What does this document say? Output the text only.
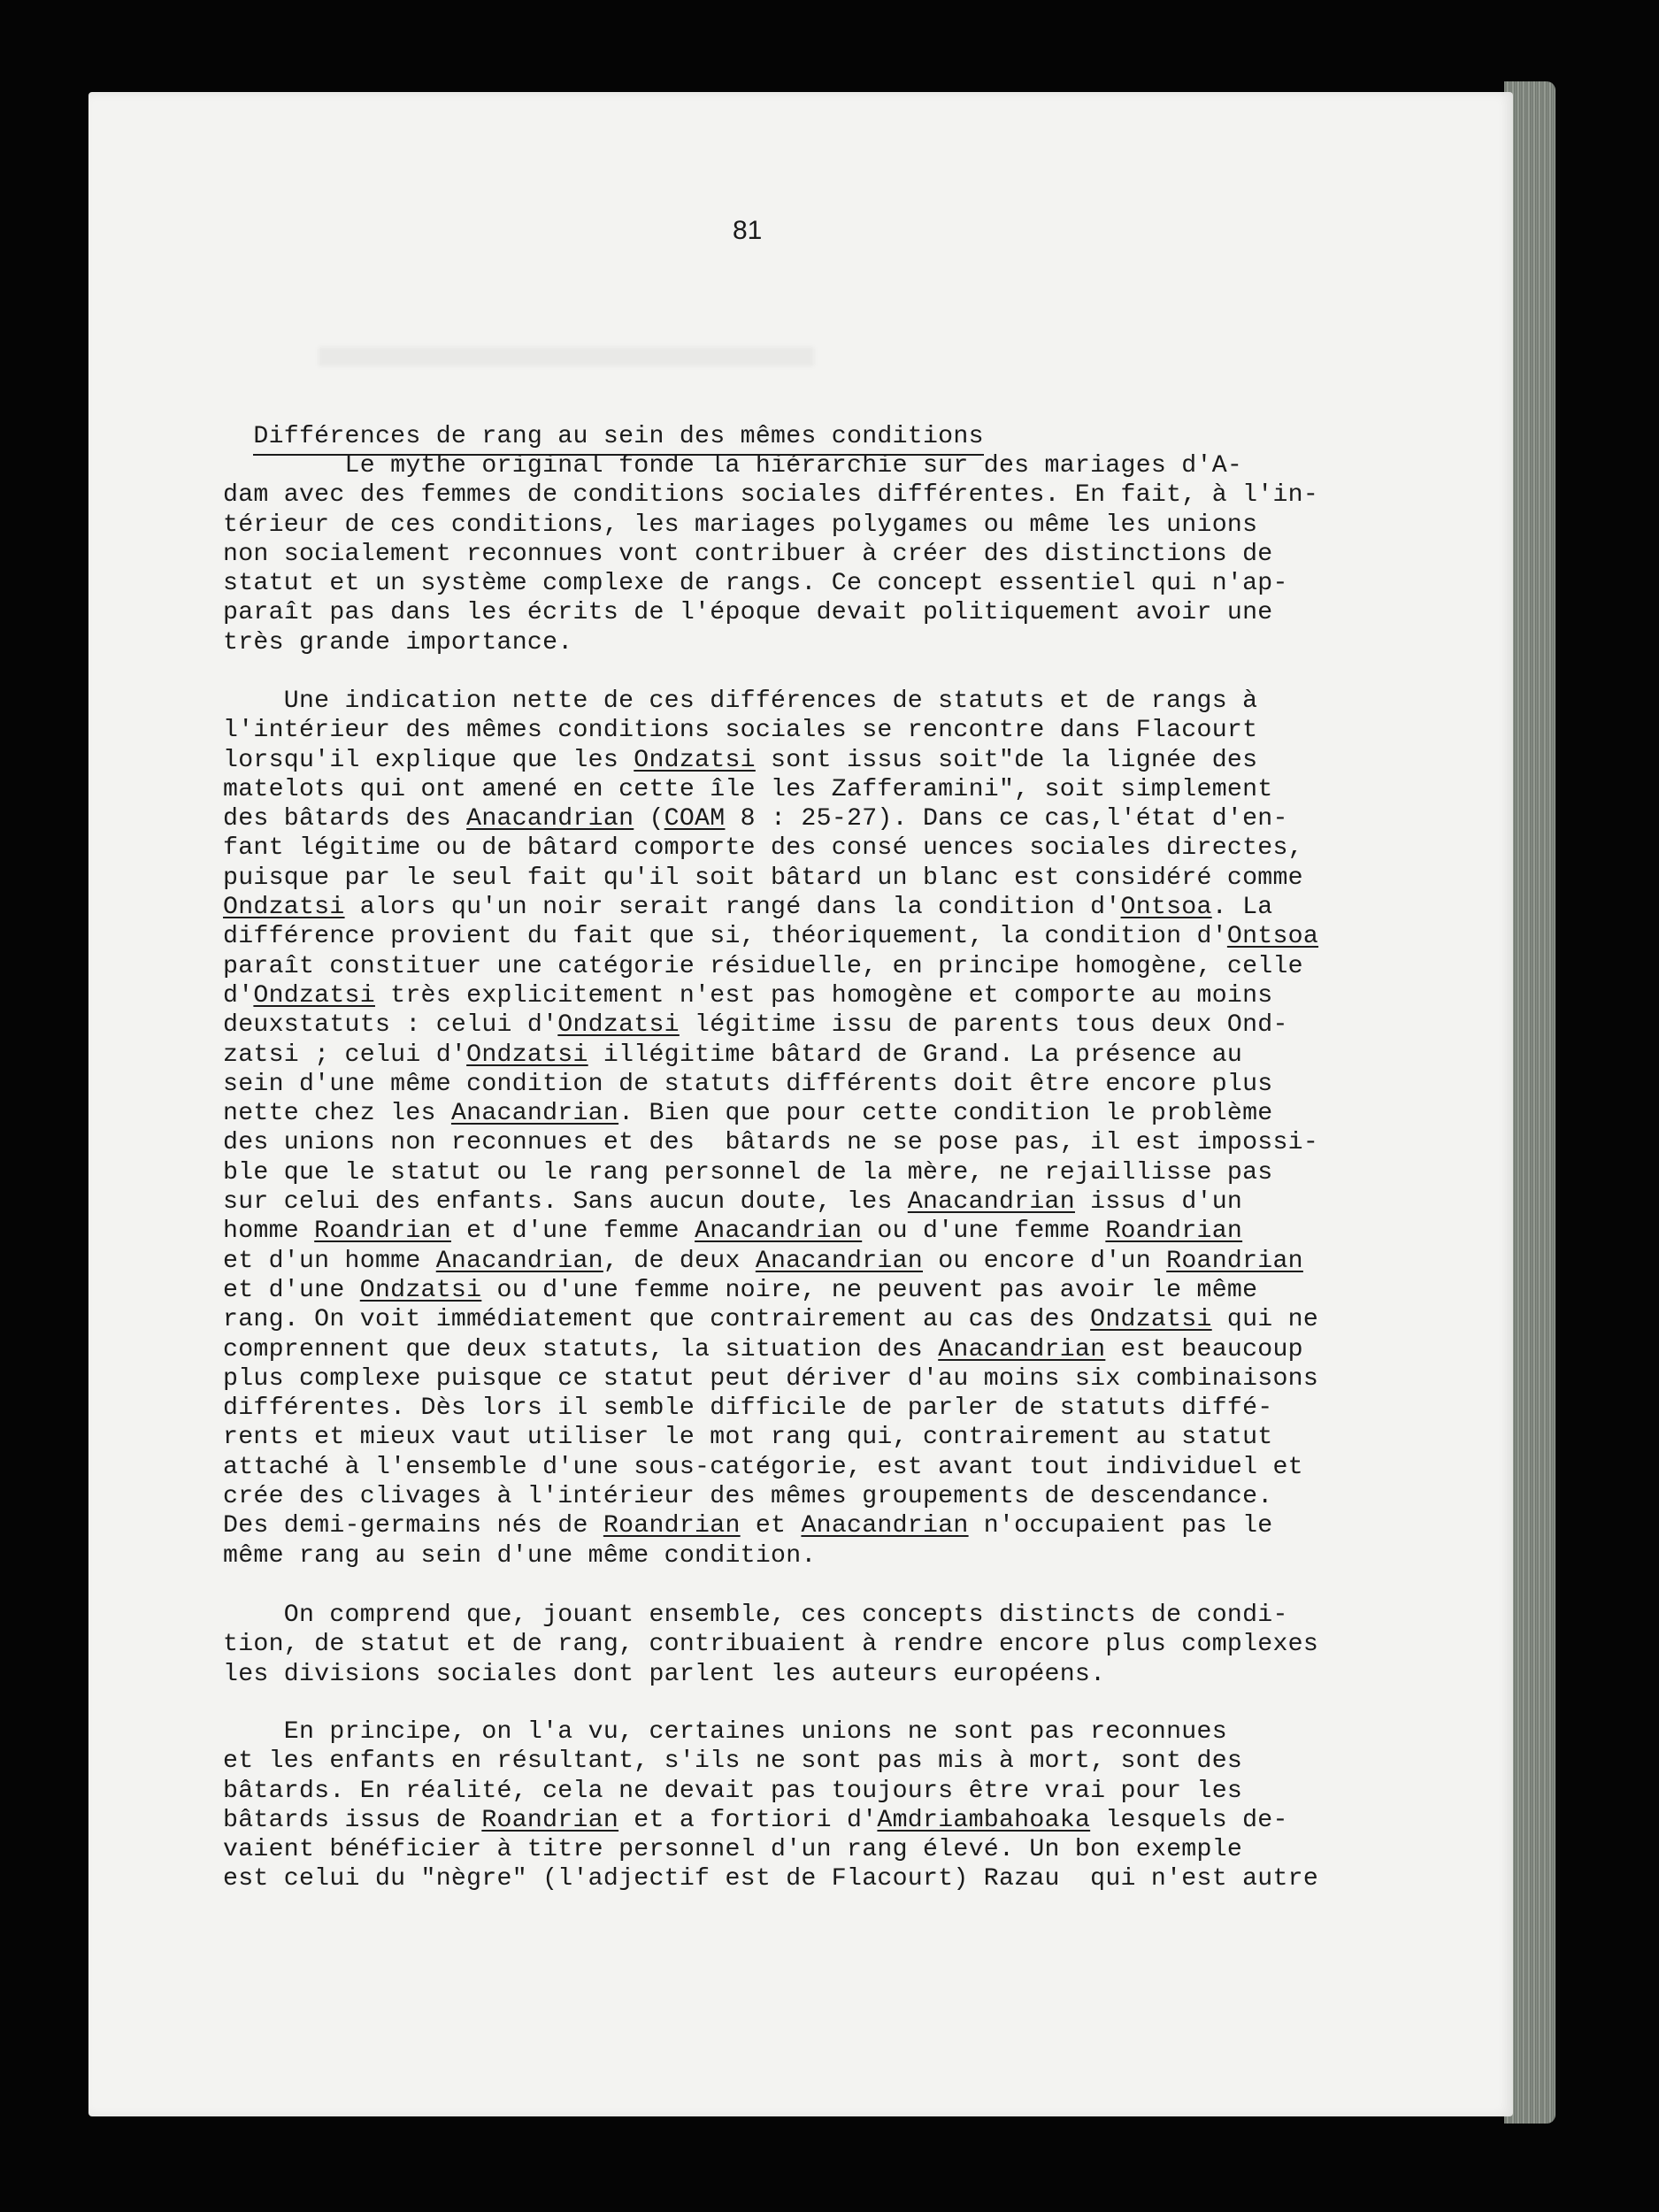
81

Différences de rang au sein des mêmes conditions

Le mythe original fonde la hiérarchie sur des mariages d'A-
dam avec des femmes de conditions sociales différentes. En fait, à l'in-
térieur de ces conditions, les mariages polygames ou même les unions
non socialement reconnues vont contribuer à créer des distinctions de
statut et un système complexe de rangs. Ce concept essentiel qui n'ap-
paraît pas dans les écrits de l'époque devait politiquement avoir une
très grande importance.
Une indication nette de ces différences de statuts et de rangs à
l'intérieur des mêmes conditions sociales se rencontre dans Flacourt
lorsqu'il explique que les Ondzatsi sont issus soit"de la lignée des
matelots qui ont amené en cette île les Zafferamini", soit simplement
des bâtards des Anacandrian (COAM 8 : 25-27). Dans ce cas,l'état d'en-
fant légitime ou de bâtard comporte des consé uences sociales directes,
puisque par le seul fait qu'il soit bâtard un blanc est considéré comme
Ondzatsi alors qu'un noir serait rangé dans la condition d'Ontsoa. La
différence provient du fait que si, théoriquement, la condition d'Ontsoa
paraît constituer une catégorie résiduelle, en principe homogène, celle
d'Ondzatsi très explicitement n'est pas homogène et comporte au moins
deuxstatuts : celui d'Ondzatsi légitime issu de parents tous deux Ond-
zatsi ; celui d'Ondzatsi illégitime bâtard de Grand. La présence au
sein d'une même condition de statuts différents doit être encore plus
nette chez les Anacandrian. Bien que pour cette condition le problème
des unions non reconnues et des  bâtards ne se pose pas, il est impossi-
ble que le statut ou le rang personnel de la mère, ne rejaillisse pas
sur celui des enfants. Sans aucun doute, les Anacandrian issus d'un
homme Roandrian et d'une femme Anacandrian ou d'une femme Roandrian
et d'un homme Anacandrian, de deux Anacandrian ou encore d'un Roandrian
et d'une Ondzatsi ou d'une femme noire, ne peuvent pas avoir le même
rang. On voit immédiatement que contrairement au cas des Ondzatsi qui ne
comprennent que deux statuts, la situation des Anacandrian est beaucoup
plus complexe puisque ce statut peut dériver d'au moins six combinaisons
différentes. Dès lors il semble difficile de parler de statuts diffé-
rents et mieux vaut utiliser le mot rang qui, contrairement au statut
attaché à l'ensemble d'une sous-catégorie, est avant tout individuel et
crée des clivages à l'intérieur des mêmes groupements de descendance.
Des demi-germains nés de Roandrian et Anacandrian n'occupaient pas le
même rang au sein d'une même condition.
On comprend que, jouant ensemble, ces concepts distincts de condi-
tion, de statut et de rang, contribuaient à rendre encore plus complexes
les divisions sociales dont parlent les auteurs européens.
En principe, on l'a vu, certaines unions ne sont pas reconnues
et les enfants en résultant, s'ils ne sont pas mis à mort, sont des
bâtards. En réalité, cela ne devait pas toujours être vrai pour les
bâtards issus de Roandrian et a fortiori d'Amdriambahoaka lesquels de-
vaient bénéficier à titre personnel d'un rang élevé. Un bon exemple
est celui du "nègre" (l'adjectif est de Flacourt) Razau  qui n'est autre
